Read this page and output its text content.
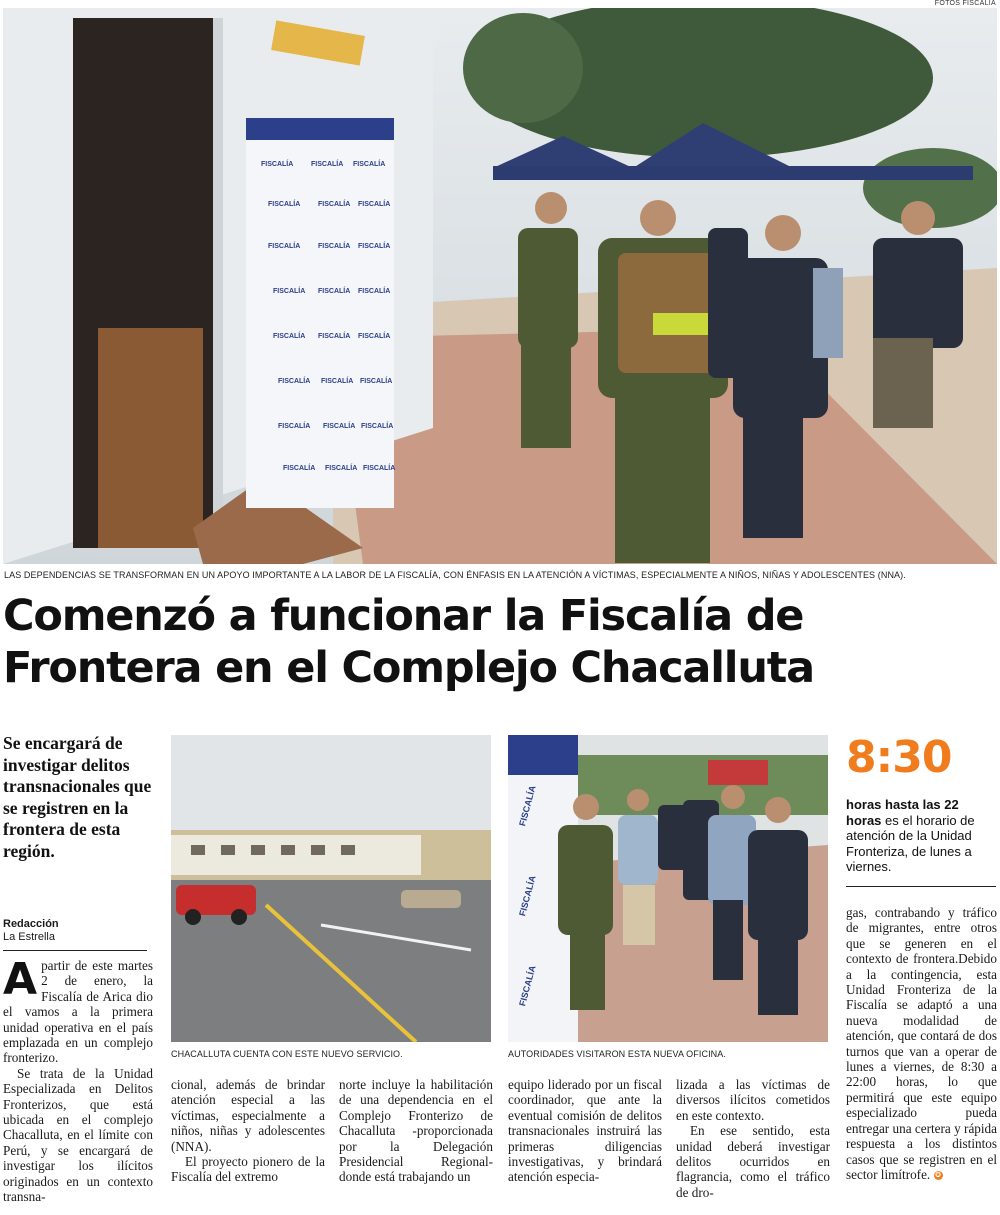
FOTOS FISCALÍA
FISCALÍA	FISCALÍA FISCALÍA
FISCALÍA	FISCALÍA FISCALÍA
FISCALÍA	FISCALÍA FISCALÍA
FISCALÍA FISCALÍA FISCALÍA
FISCALÍA FISCALÍA FISCALÍA
FISCALÍA FISCALÍA FISCALÍA
FISCALÍA FISCALÍA FISCALÍA
FISCALÍA FISCALÍA FISCALÍA
LAS DEPENDENCIAS SE TRANSFORMAN EN UN APOYO IMPORTANTE A LA LABOR DE LA FISCALÍA, CON ÉNFASIS EN LA ATENCIÓN A VÍCTIMAS, ESPECIALMENTE A NIÑOS, NIÑAS Y ADOLESCENTES (NNA).
Comenzó a funcionar la Fiscalía de
Frontera en el Complejo Chacalluta
Se encargará de investigar delitos transnacionales que se registren en la frontera de esta región.
Redacción
La Estrella
CHACALLUTA CUENTA CON ESTE NUEVO SERVICIO.
FISCALÍA
FISCALÍA
FISCALÍA
AUTORIDADES VISITARON ESTA NUEVA OFICINA.
8:30
horas hasta las 22 horas es el horario de atención de la Unidad Fronteriza, de lunes a viernes.

Apartir de este martes 2 de enero, la Fiscalía de Arica dio el vamos a la primera unidad operativa en el país emplazada en un complejo fronterizo.

Se trata de la Unidad Especializada en Delitos Fronterizos, que está ubicada en el complejo Chacalluta, en el límite con Perú, y se encargará de investigar los ilícitos originados en un contexto transna-

cional, además de brindar atención especial a las víctimas, especialmente a niños, niñas y adolescentes (NNA).

El proyecto pionero de la Fiscalía del extremo

norte incluye la habilitación de una dependencia en el Complejo Fronterizo de Chacalluta -proporcionada por la Delegación Presidencial Regional- donde está trabajando un

equipo liderado por un fiscal coordinador, que ante la eventual comisión de delitos transnacionales instruirá las primeras diligencias investigativas, y brindará atención especia-

lizada a las víctimas de diversos ilícitos cometidos en este contexto.

En ese sentido, esta unidad deberá investigar delitos ocurridos en flagrancia, como el tráfico de dro-

gas, contrabando y tráfico de migrantes, entre otros que se generen en el contexto de frontera.Debido a la contingencia, esta Unidad Fronteriza de la Fiscalía se adaptó a una nueva modalidad de atención, que contará de dos turnos que van a operar de lunes a viernes, de 8:30 a 22:00 horas, lo que permitirá que este equipo especializado pueda entregar una certera y rápida respuesta a los distintos casos que se registren en el sector limítrofe. ✪
